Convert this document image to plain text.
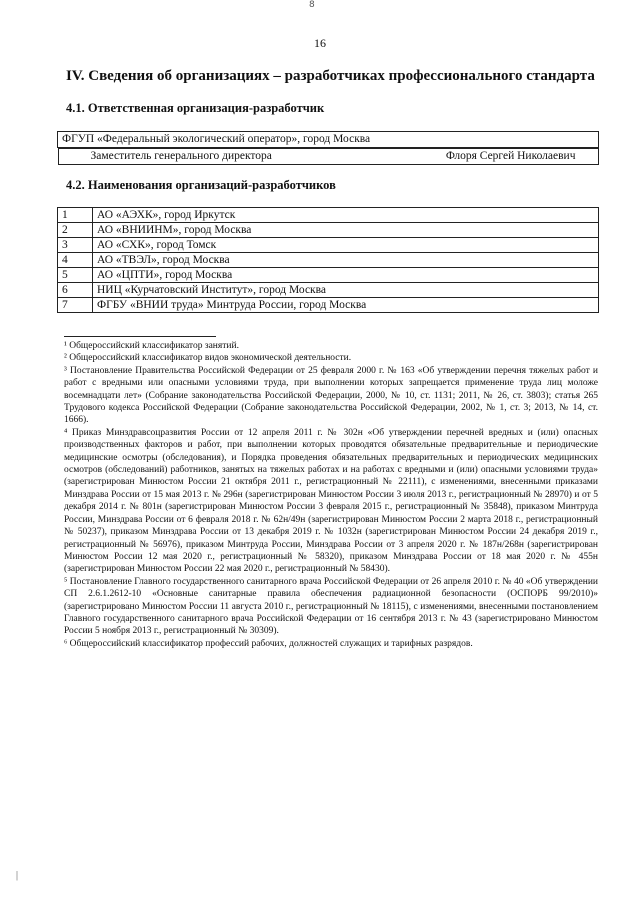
8
16
IV. Сведения об организациях – разработчиках профессионального стандарта
4.1. Ответственная организация-разработчик
ФГУП «Федеральный экологический оператор», город Москва

Заместитель генерального директора	Флоря Сергей Николаевич
4.2. Наименования организаций-разработчиков
1	АО «АЭХК», город Иркутск
2	АО «ВНИИНМ», город Москва
3	АО «СХК», город Томск
4	АО «ТВЭЛ», город Москва
5	АО «ЦПТИ», город Москва
6	НИЦ «Курчатовский Институт», город Москва
7	ФГБУ «ВНИИ труда» Минтруда России, город Москва

¹ Общероссийский классификатор занятий.

² Общероссийский классификатор видов экономической деятельности.

³ Постановление Правительства Российской Федерации от 25 февраля 2000 г. № 163 «Об утверждении перечня тяжелых работ и работ с вредными или опасными условиями труда, при выполнении которых запрещается применение труда лиц моложе восемнадцати лет» (Собрание законодательства Российской Федерации, 2000, № 10, ст. 1131; 2011, № 26, ст. 3803); статья 265 Трудового кодекса Российской Федерации (Собрание законодательства Российской Федерации, 2002, № 1, ст. 3; 2013, № 14, ст. 1666).

⁴ Приказ Минздравсоцразвития России от 12 апреля 2011 г. № 302н «Об утверждении перечней вредных и (или) опасных производственных факторов и работ, при выполнении которых проводятся обязательные предварительные и периодические медицинские осмотры (обследования), и Порядка проведения обязательных предварительных и периодических медицинских осмотров (обследований) работников, занятых на тяжелых работах и на работах с вредными и (или) опасными условиями труда» (зарегистрирован Минюстом России 21 октября 2011 г., регистрационный № 22111), с изменениями, внесенными приказами Минздрава России от 15 мая 2013 г. № 296н (зарегистрирован Минюстом России 3 июля 2013 г., регистрационный № 28970) и от 5 декабря 2014 г. № 801н (зарегистрирован Минюстом России 3 февраля 2015 г., регистрационный № 35848), приказом Минтруда России, Минздрава России от 6 февраля 2018 г. № 62н/49н (зарегистрирован Минюстом России 2 марта 2018 г., регистрационный № 50237), приказом Минздрава России от 13 декабря 2019 г. № 1032н (зарегистрирован Минюстом России 24 декабря 2019 г., регистрационный № 56976), приказом Минтруда России, Минздрава России от 3 апреля 2020 г. № 187н/268н (зарегистрирован Минюстом России 12 мая 2020 г., регистрационный № 58320), приказом Минздрава России от 18 мая 2020 г. № 455н (зарегистрирован Минюстом России 22 мая 2020 г., регистрационный № 58430).

⁵ Постановление Главного государственного санитарного врача Российской Федерации от 26 апреля 2010 г. № 40 «Об утверждении СП 2.6.1.2612-10 «Основные санитарные правила обеспечения радиационной безопасности (ОСПОРБ 99/2010)» (зарегистрировано Минюстом России 11 августа 2010 г., регистрационный № 18115), с изменениями, внесенными постановлением Главного государственного санитарного врача Российской Федерации от 16 сентября 2013 г. № 43 (зарегистрировано Минюстом России 5 ноября 2013 г., регистрационный № 30309).

⁶ Общероссийский классификатор профессий рабочих, должностей служащих и тарифных разрядов.

|
